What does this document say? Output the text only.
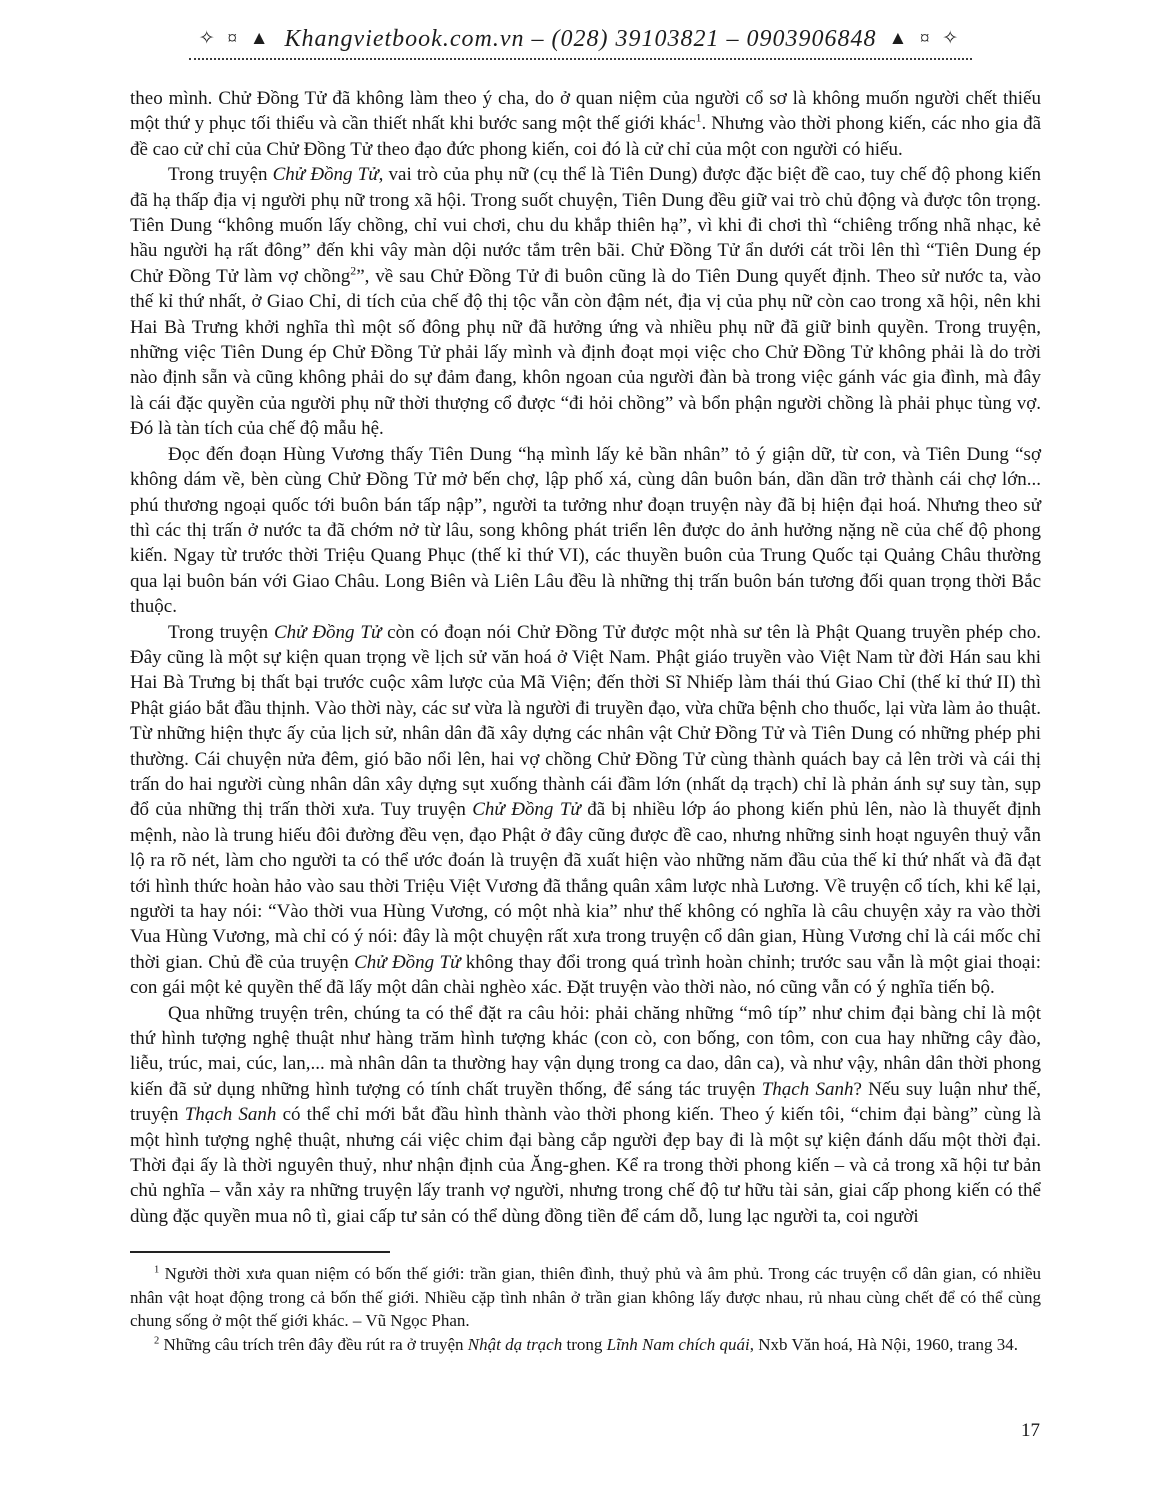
✧ ¤ ▲ Khangvietbook.com.vn – (028) 39103821 – 0903906848 ▲ ¤ ✧

theo mình. Chử Đồng Tử đã không làm theo ý cha, do ở quan niệm của người cổ sơ là không muốn người chết thiếu một thứ y phục tối thiểu và cần thiết nhất khi bước sang một thế giới khác$^1$. Nhưng vào thời phong kiến, các nho gia đã đề cao cử chỉ của Chử Đồng Tử theo đạo đức phong kiến, coi đó là cử chỉ của một con người có hiếu.

Trong truyện Chử Đồng Tử, vai trò của phụ nữ (cụ thể là Tiên Dung) được đặc biệt đề cao, tuy chế độ phong kiến đã hạ thấp địa vị người phụ nữ trong xã hội. Trong suốt chuyện, Tiên Dung đều giữ vai trò chủ động và được tôn trọng. Tiên Dung “không muốn lấy chồng, chỉ vui chơi, chu du khắp thiên hạ”, vì khi đi chơi thì “chiêng trống nhã nhạc, kẻ hầu người hạ rất đông” đến khi vây màn dội nước tắm trên bãi. Chử Đồng Tử ẩn dưới cát trồi lên thì “Tiên Dung ép Chử Đồng Tử làm vợ chồng$^2$”, về sau Chử Đồng Tử đi buôn cũng là do Tiên Dung quyết định. Theo sử nước ta, vào thế kỉ thứ nhất, ở Giao Chỉ, di tích của chế độ thị tộc vẫn còn đậm nét, địa vị của phụ nữ còn cao trong xã hội, nên khi Hai Bà Trưng khởi nghĩa thì một số đông phụ nữ đã hưởng ứng và nhiều phụ nữ đã giữ binh quyền. Trong truyện, những việc Tiên Dung ép Chử Đồng Tử phải lấy mình và định đoạt mọi việc cho Chử Đồng Tử không phải là do trời nào định sẵn và cũng không phải do sự đảm đang, khôn ngoan của người đàn bà trong việc gánh vác gia đình, mà đây là cái đặc quyền của người phụ nữ thời thượng cổ được “đi hỏi chồng” và bổn phận người chồng là phải phục tùng vợ. Đó là tàn tích của chế độ mẫu hệ.

Đọc đến đoạn Hùng Vương thấy Tiên Dung “hạ mình lấy kẻ bần nhân” tỏ ý giận dữ, từ con, và Tiên Dung “sợ không dám về, bèn cùng Chử Đồng Tử mở bến chợ, lập phố xá, cùng dân buôn bán, dần dần trở thành cái chợ lớn... phú thương ngoại quốc tới buôn bán tấp nập”, người ta tưởng như đoạn truyện này đã bị hiện đại hoá. Nhưng theo sử thì các thị trấn ở nước ta đã chớm nở từ lâu, song không phát triển lên được do ảnh hưởng nặng nề của chế độ phong kiến. Ngay từ trước thời Triệu Quang Phục (thế kỉ thứ VI), các thuyền buôn của Trung Quốc tại Quảng Châu thường qua lại buôn bán với Giao Châu. Long Biên và Liên Lâu đều là những thị trấn buôn bán tương đối quan trọng thời Bắc thuộc.

Trong truyện Chử Đồng Tử còn có đoạn nói Chử Đồng Tử được một nhà sư tên là Phật Quang truyền phép cho. Đây cũng là một sự kiện quan trọng về lịch sử văn hoá ở Việt Nam. Phật giáo truyền vào Việt Nam từ đời Hán sau khi Hai Bà Trưng bị thất bại trước cuộc xâm lược của Mã Viện; đến thời Sĩ Nhiếp làm thái thú Giao Chỉ (thế kỉ thứ II) thì Phật giáo bắt đầu thịnh. Vào thời này, các sư vừa là người đi truyền đạo, vừa chữa bệnh cho thuốc, lại vừa làm ảo thuật. Từ những hiện thực ấy của lịch sử, nhân dân đã xây dựng các nhân vật Chử Đồng Tử và Tiên Dung có những phép phi thường. Cái chuyện nửa đêm, gió bão nổi lên, hai vợ chồng Chử Đồng Tử cùng thành quách bay cả lên trời và cái thị trấn do hai người cùng nhân dân xây dựng sụt xuống thành cái đầm lớn (nhất dạ trạch) chỉ là phản ánh sự suy tàn, sụp đổ của những thị trấn thời xưa. Tuy truyện Chử Đồng Tử đã bị nhiều lớp áo phong kiến phủ lên, nào là thuyết định mệnh, nào là trung hiếu đôi đường đều vẹn, đạo Phật ở đây cũng được đề cao, nhưng những sinh hoạt nguyên thuỷ vẫn lộ ra rõ nét, làm cho người ta có thể ước đoán là truyện đã xuất hiện vào những năm đầu của thế kỉ thứ nhất và đã đạt tới hình thức hoàn hảo vào sau thời Triệu Việt Vương đã thắng quân xâm lược nhà Lương. Về truyện cổ tích, khi kể lại, người ta hay nói: “Vào thời vua Hùng Vương, có một nhà kia” như thế không có nghĩa là câu chuyện xảy ra vào thời Vua Hùng Vương, mà chỉ có ý nói: đây là một chuyện rất xưa trong truyện cổ dân gian, Hùng Vương chỉ là cái mốc chỉ thời gian. Chủ đề của truyện Chử Đồng Tử không thay đổi trong quá trình hoàn chỉnh; trước sau vẫn là một giai thoại: con gái một kẻ quyền thế đã lấy một dân chài nghèo xác. Đặt truyện vào thời nào, nó cũng vẫn có ý nghĩa tiến bộ.

Qua những truyện trên, chúng ta có thể đặt ra câu hỏi: phải chăng những “mô típ” như chim đại bàng chỉ là một thứ hình tượng nghệ thuật như hàng trăm hình tượng khác (con cò, con bống, con tôm, con cua hay những cây đào, liễu, trúc, mai, cúc, lan,... mà nhân dân ta thường hay vận dụng trong ca dao, dân ca), và như vậy, nhân dân thời phong kiến đã sử dụng những hình tượng có tính chất truyền thống, để sáng tác truyện Thạch Sanh? Nếu suy luận như thế, truyện Thạch Sanh có thể chỉ mới bắt đầu hình thành vào thời phong kiến. Theo ý kiến tôi, “chim đại bàng” cùng là một hình tượng nghệ thuật, nhưng cái việc chim đại bàng cắp người đẹp bay đi là một sự kiện đánh dấu một thời đại. Thời đại ấy là thời nguyên thuỷ, như nhận định của Ăng-ghen. Kể ra trong thời phong kiến – và cả trong xã hội tư bản chủ nghĩa – vẫn xảy ra những truyện lấy tranh vợ người, nhưng trong chế độ tư hữu tài sản, giai cấp phong kiến có thể dùng đặc quyền mua nô tì, giai cấp tư sản có thể dùng đồng tiền để cám dỗ, lung lạc người ta, coi người

$^1$ Người thời xưa quan niệm có bốn thế giới: trần gian, thiên đình, thuỷ phủ và âm phủ. Trong các truyện cổ dân gian, có nhiều nhân vật hoạt động trong cả bốn thế giới. Nhiều cặp tình nhân ở trần gian không lấy được nhau, rủ nhau cùng chết để có thể cùng chung sống ở một thế giới khác. – Vũ Ngọc Phan.

$^2$ Những câu trích trên đây đều rút ra ở truyện Nhật dạ trạch trong Lĩnh Nam chích quái, Nxb Văn hoá, Hà Nội, 1960, trang 34.

17
